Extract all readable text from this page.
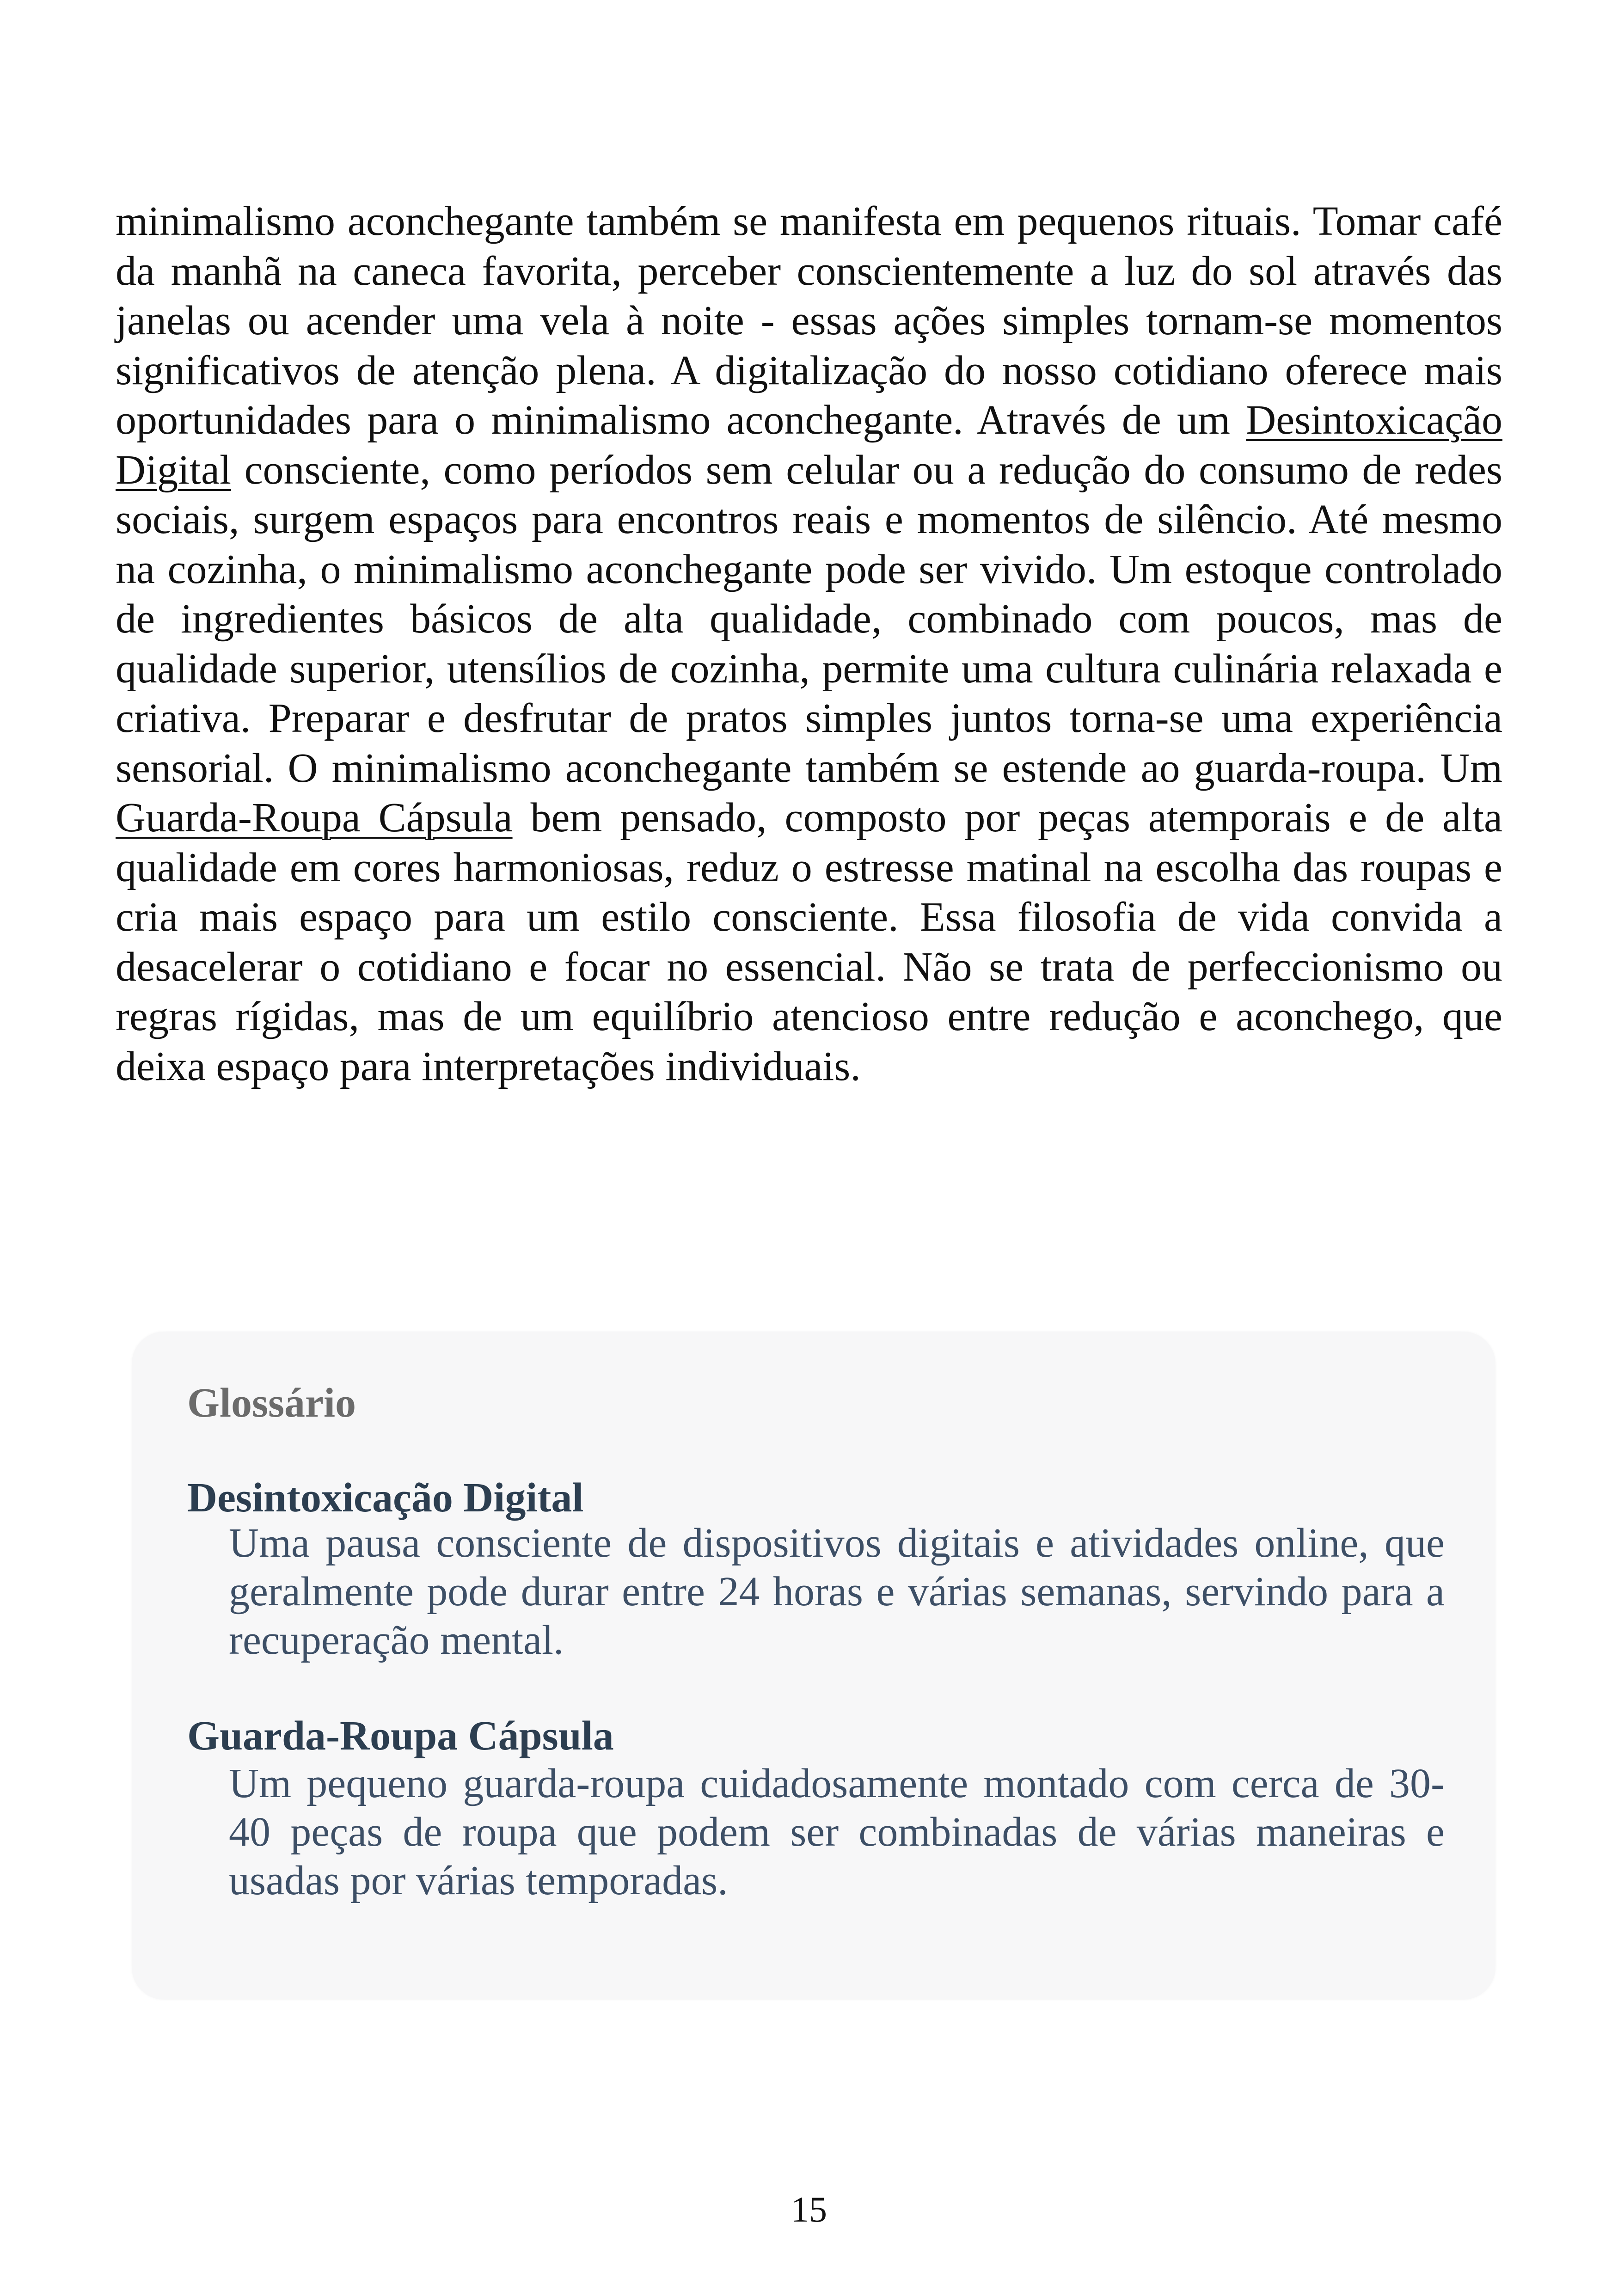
minimalismo aconchegante também se manifesta em pequenos rituais. Tomar café da manhã na caneca favorita, perceber conscientemente a luz do sol através das janelas ou acender uma vela à noite - essas ações simples tornam-se momentos significativos de atenção plena. A digitalização do nosso cotidiano oferece mais oportunidades para o minimalismo aconchegante. Através de um Desintoxicação Digital consciente, como períodos sem celular ou a redução do consumo de redes sociais, surgem espaços para encontros reais e momentos de silêncio. Até mesmo na cozinha, o minimalismo aconchegante pode ser vivido. Um estoque controlado de ingredientes básicos de alta qualidade, combinado com poucos, mas de qualidade superior, utensílios de cozinha, permite uma cultura culinária relaxada e criativa. Preparar e desfrutar de pratos simples juntos torna-se uma experiência sensorial. O minimalismo aconchegante também se estende ao guarda-roupa. Um Guarda-Roupa Cápsula bem pensado, composto por peças atemporais e de alta qualidade em cores harmoniosas, reduz o estresse matinal na escolha das roupas e cria mais espaço para um estilo consciente. Essa filosofia de vida convida a desacelerar o cotidiano e focar no essencial. Não se trata de perfeccionismo ou regras rígidas, mas de um equilíbrio atencioso entre redução e aconchego, que deixa espaço para interpretações individuais.

Glossário
Desintoxicação Digital
Uma pausa consciente de dispositivos digitais e atividades online, que geralmente pode durar entre 24 horas e várias semanas, servindo para a recuperação mental.
Guarda-Roupa Cápsula
Um pequeno guarda-roupa cuidadosamente montado com cerca de 30-40 peças de roupa que podem ser combinadas de várias maneiras e usadas por várias temporadas.
15
